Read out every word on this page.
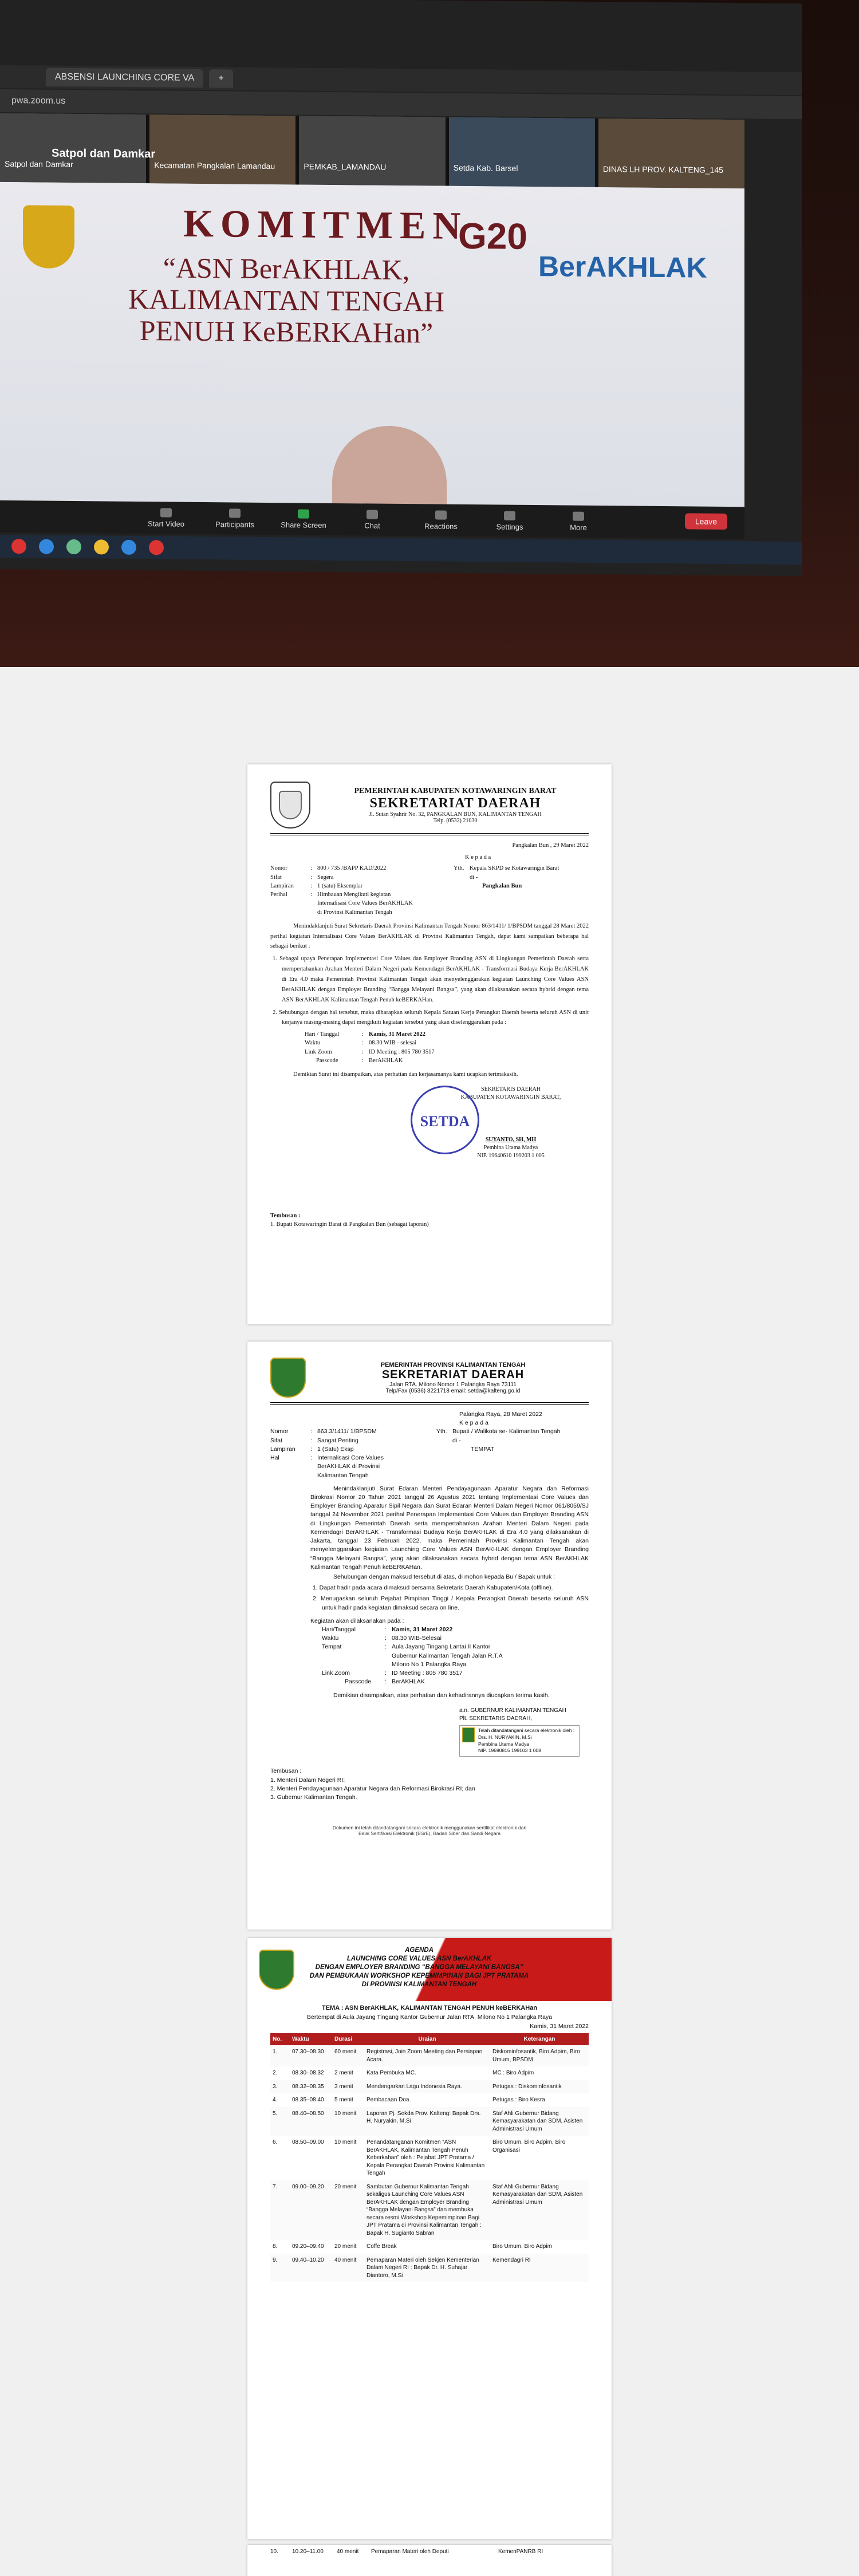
ABSENSI LAUNCHING CORE VA	+
pwa.zoom.us
Satpol dan Damkar	Kecamatan Pangkalan Lamandau	PEMKAB_LAMANDAU	Setda Kab. Barsel	DINAS LH PROV. KALTENG_145
KOMITMEN
“ASN BerAKHLAK, KALIMANTAN TENGAH PENUH KeBERKAHan”
G20
BerAKHLAK
Satpol dan Damkar
Start Video	Participants	Share Screen	Chat	Reactions	Settings	More
Leave
PEMERINTAH KABUPATEN KOTAWARINGIN BARAT
SEKRETARIAT DAERAH
Jl. Sutan Syahrir No. 32, PANGKALAN BUN, KALIMANTAN TENGAH
Telp. (0532) 21030
Pangkalan Bun , 29 Maret 2022
K e p a d a
Nomor	: 800 / 735 /BAPP KAD/2022
Sifat	: Segera
Lampiran	: 1 (satu) Eksemplar
Perihal	: Himbauan Mengikuti kegiatan Internalisasi Core Values BerAKHLAK di Provinsi Kalimantan Tengah
Yth. Kepala SKPD se Kotawaringin Barat
di -
Pangkalan Bun
Menindaklanjuti Surat Sekretaris Daerah Provinsi Kalimantan Tengah Nomor 863/1411/ 1/BPSDM tanggal 28 Maret 2022 perihal kegiatan Internalisasi Core Values BerAKHLAK di Provinsi Kalimantan Tengah, dapat kami sampaikan beberapa hal sebagai berikut :
1. Sebagai upaya Penerapan Implementasi Core Values dan Employer Branding ASN di Lingkungan Pemerintah Daerah serta mempertahankan Arahan Menteri Dalam Negeri pada Kemendagri BerAKHLAK - Transformasi Budaya Kerja BerAKHLAK di Era 4.0 maka Pemerintah Provinsi Kalimantan Tengah akan menyelenggarakan kegiatan Launching Core Values ASN BerAKHLAK dengan Employer Branding “Bangga Melayani Bangsa”, yang akan dilaksanakan secara hybrid dengan tema ASN BerAKHLAK Kalimantan Tengah Penuh keBERKAHan.
2. Sehubungan dengan hal tersebut, maka diharapkan seluruh Kepala Satuan Kerja Perangkat Daerah beserta seluruh ASN di unit kerjanya masing-masing dapat mengikuti kegiatan tersebut yang akan diselenggarakan pada :
Hari / Tanggal	: Kamis, 31 Maret 2022
Waktu	: 08.30 WIB - selesai
Link Zoom	: ID Meeting : 805 780 3517
Passcode	: BerAKHLAK
Demikian Surat ini disampaikan, atas perhatian dan kerjasamanya kami ucapkan terimakasih.
SEKRETARIS DAERAH
KABUPATEN KOTAWARINGIN BARAT,
SUYANTO, SH, MH
Pembina Utama Madya
NIP. 19640610 199203 1 005
SETDA
Tembusan :
1. Bupati Kotawaringin Barat di Pangkalan Bun (sebagai laporan)
PEMERINTAH PROVINSI KALIMANTAN TENGAH
SEKRETARIAT DAERAH
Jalan RTA. Milono Nomor 1 Palangka Raya 73111
Telp/Fax (0536) 3221718 email: setda@kalteng.go.id
Palangka Raya, 28 Maret 2022
K e p a d a
Nomor	: 863.3/1411/ 1/BPSDM
Sifat	: Sangat Penting
Lampiran	: 1 (Satu) Eksp
Hal	: Internalisasi Core Values BerAKHLAK di Provinsi Kalimantan Tengah
Yth. Bupati / Walikota se- Kalimantan Tengah
di -
TEMPAT
Menindaklanjuti Surat Edaran Menteri Pendayagunaan Aparatur Negara dan Reformasi Birokrasi Nomor 20 Tahun 2021 tanggal 26 Agustus 2021 tentang Implementasi Core Values dan Employer Branding Aparatur Sipil Negara dan Surat Edaran Menteri Dalam Negeri Nomor 061/8059/SJ tanggal 24 November 2021 perihal Penerapan Implementasi Core Values dan Employer Branding ASN di Lingkungan Pemerintah Daerah serta mempertahankan Arahan Menteri Dalam Negeri pada Kemendagri BerAKHLAK - Transformasi Budaya Kerja BerAKHLAK di Era 4.0 yang dilaksanakan di Jakarta, tanggal 23 Februari 2022, maka Pemerintah Provinsi Kalimantan Tengah akan menyelenggarakan kegiatan Launching Core Values ASN BerAKHLAK dengan Employer Branding “Bangga Melayani Bangsa”, yang akan dilaksanakan secara hybrid dengan tema ASN BerAKHLAK Kalimantan Tengah Penuh keBERKAHan.
Sehubungan dengan maksud tersebut di atas, di mohon kepada Bu / Bapak untuk :
1. Dapat hadir pada acara dimaksud bersama Sekretaris Daerah Kabupaten/Kota (offline).
2. Menugaskan seluruh Pejabat Pimpinan Tinggi / Kepala Perangkat Daerah beserta seluruh ASN untuk hadir pada kegiatan dimaksud secara on line.
Kegiatan akan dilaksanakan pada :
Hari/Tanggal	: Kamis, 31 Maret 2022
Waktu	: 08.30 WIB-Selesai
Tempat	: Aula Jayang Tingang Lantai II Kantor Gubernur Kalimantan Tengah Jalan R.T.A Milono No 1 Palangka Raya
Link Zoom	: ID Meeting : 805 780 3517
Passcode	: BerAKHLAK
Demikian disampaikan, atas perhatian dan kehadirannya diucapkan terima kasih.
a.n. GUBERNUR KALIMANTAN TENGAH
Plt. SEKRETARIS DAERAH,
Telah ditandatangani secara elektronik oleh :
Drs. H. NURYAKIN, M.Si
Pembina Utama Madya
NIP. 19690815 199103 1 008
Tembusan :
1. Menteri Dalam Negeri RI;
2. Menteri Pendayagunaan Aparatur Negara dan Reformasi Birokrasi RI; dan
3. Gubernur Kalimantan Tengah.
Dokumen ini telah ditandatangani secara elektronik menggunakan sertifikat elektronik dari
Balai Sertifikasi Elektronik (BSrE), Badan Siber dan Sandi Negara
AGENDA
LAUNCHING CORE VALUES ASN BerAKHLAK
DENGAN EMPLOYER BRANDING “BANGGA MELAYANI BANGSA”
DAN PEMBUKAAN WORKSHOP KEPEMIMPINAN BAGI JPT PRATAMA
DI PROVINSI KALIMANTAN TENGAH
TEMA : ASN BerAKHLAK, KALIMANTAN TENGAH PENUH keBERKAHan
Bertempat di Aula Jayang Tingang Kantor Gubernur Jalan RTA. Milono No 1 Palangka Raya
Kamis, 31 Maret 2022
No.	Waktu	Durasi	Uraian	Keterangan
1.	07.30–08.30	60 menit	Registrasi, Join Zoom Meeting dan Persiapan Acara.	Diskominfosantik, Biro Adpim, Biro Umum, BPSDM
2.	08.30–08.32	2 menit	Kata Pembuka MC.	MC : Biro Adpim
3.	08.32–08.35	3 menit	Mendengarkan Lagu Indonesia Raya.	Petugas : Diskominfosantik
4.	08.35–08.40	5 menit	Pembacaan Doa.	Petugas : Biro Kesra
5.	08.40–08.50	10 menit	Laporan Pj. Sekda Prov. Kalteng: Bapak Drs. H. Nuryakin, M.Si	Staf Ahli Gubernur Bidang Kemasyarakatan dan SDM, Asisten Administrasi Umum
6.	08.50–09.00	10 menit	Penandatanganan Komitmen “ASN BerAKHLAK, Kalimantan Tengah Penuh Keberkahan” oleh : Pejabat JPT Pratama / Kepala Perangkat Daerah Provinsi Kalimantan Tengah	Biro Umum, Biro Adpim, Biro Organisasi
7.	09.00–09.20	20 menit	Sambutan Gubernur Kalimantan Tengah sekaligus Launching Core Values ASN BerAKHLAK dengan Employer Branding “Bangga Melayani Bangsa” dan membuka secara resmi Workshop Kepemimpinan Bagi JPT Pratama di Provinsi Kalimantan Tengah : Bapak H. Sugianto Sabran	Staf Ahli Gubernur Bidang Kemasyarakatan dan SDM, Asisten Administrasi Umum
8.	09.20–09.40	20 menit	Coffe Break	Biro Umum, Biro Adpim
9.	09.40–10.20	40 menit	Pemaparan Materi oleh Sekjen Kementerian Dalam Negeri RI : Bapak Dr. H. Suhajar Diantoro, M.Si	Kemendagri RI
10.	10.20–11.00	40 menit	Pemaparan Materi oleh Deputi	KemenPANRB RI
